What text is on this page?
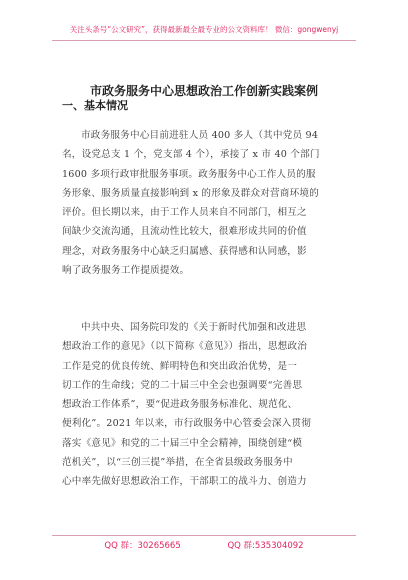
关注头条号“公文研究”，获得最新最全最专业的公文资料库！ 微信：gongwenyj
市政务服务中心思想政治工作创新实践案例
一、基本情况
市政务服务中心目前进驻人员 400 多人（其中党员 94
名，设党总支 1 个，党支部 4 个），承接了 x 市 40 个部门
1600 多项行政审批服务事项。政务服务中心工作人员的服
务形象、服务质量直接影响到 x 的形象及群众对营商环境的
评价。但长期以来，由于工作人员来自不同部门，相互之
间缺少交流沟通，且流动性比较大，很难形成共同的价值
理念，对政务服务中心缺乏归属感、获得感和认同感，影
响了政务服务工作提质提效。
中共中央、国务院印发的《关于新时代加强和改进思
想政治工作的意见》（以下简称《意见》）指出，思想政治
工作是党的优良传统、鲜明特色和突出政治优势，是一
切工作的生命线；党的二十届三中全会也强调要“完善思
想政治工作体系”，要“促进政务服务标准化、规范化、
便利化”。2021 年以来，市行政服务中心管委会深入贯彻
落实《意见》和党的二十届三中全会精神，围绕创建“模
范机关”，以“三创三提”举措，在全省县级政务服务中
心中率先做好思想政治工作，干部职工的战斗力、创造力
QQ 群：30265665	QQ 群:535304092
